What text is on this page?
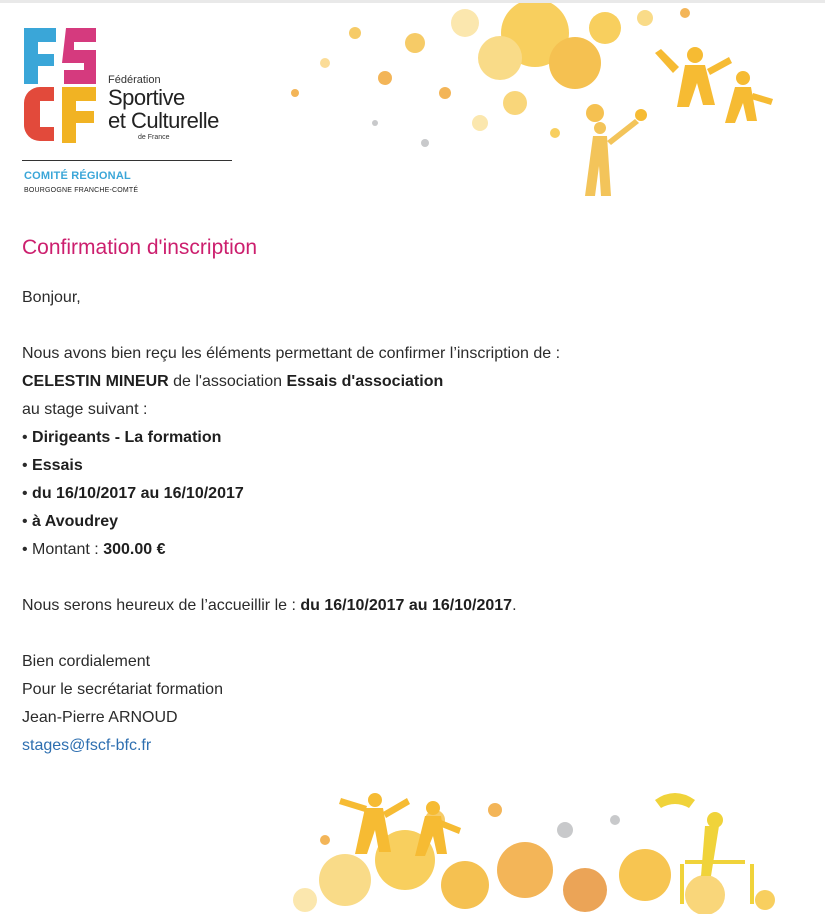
Fédération
Sportive
et Culturelle
de France
COMITÉ RÉGIONAL
BOURGOGNE FRANCHE-COMTÉ
Confirmation d'inscription
Bonjour,
Nous avons bien reçu les éléments permettant de confirmer l’inscription de :
CELESTIN MINEUR de l'association Essais d'association
au stage suivant :
• Dirigeants - La formation
• Essais
• du 16/10/2017 au 16/10/2017
• à Avoudrey
• Montant : 300.00 €
Nous serons heureux de l’accueillir le : du 16/10/2017 au 16/10/2017.
Bien cordialement
Pour le secrétariat formation
Jean-Pierre ARNOUD
stages@fscf-bfc.fr
